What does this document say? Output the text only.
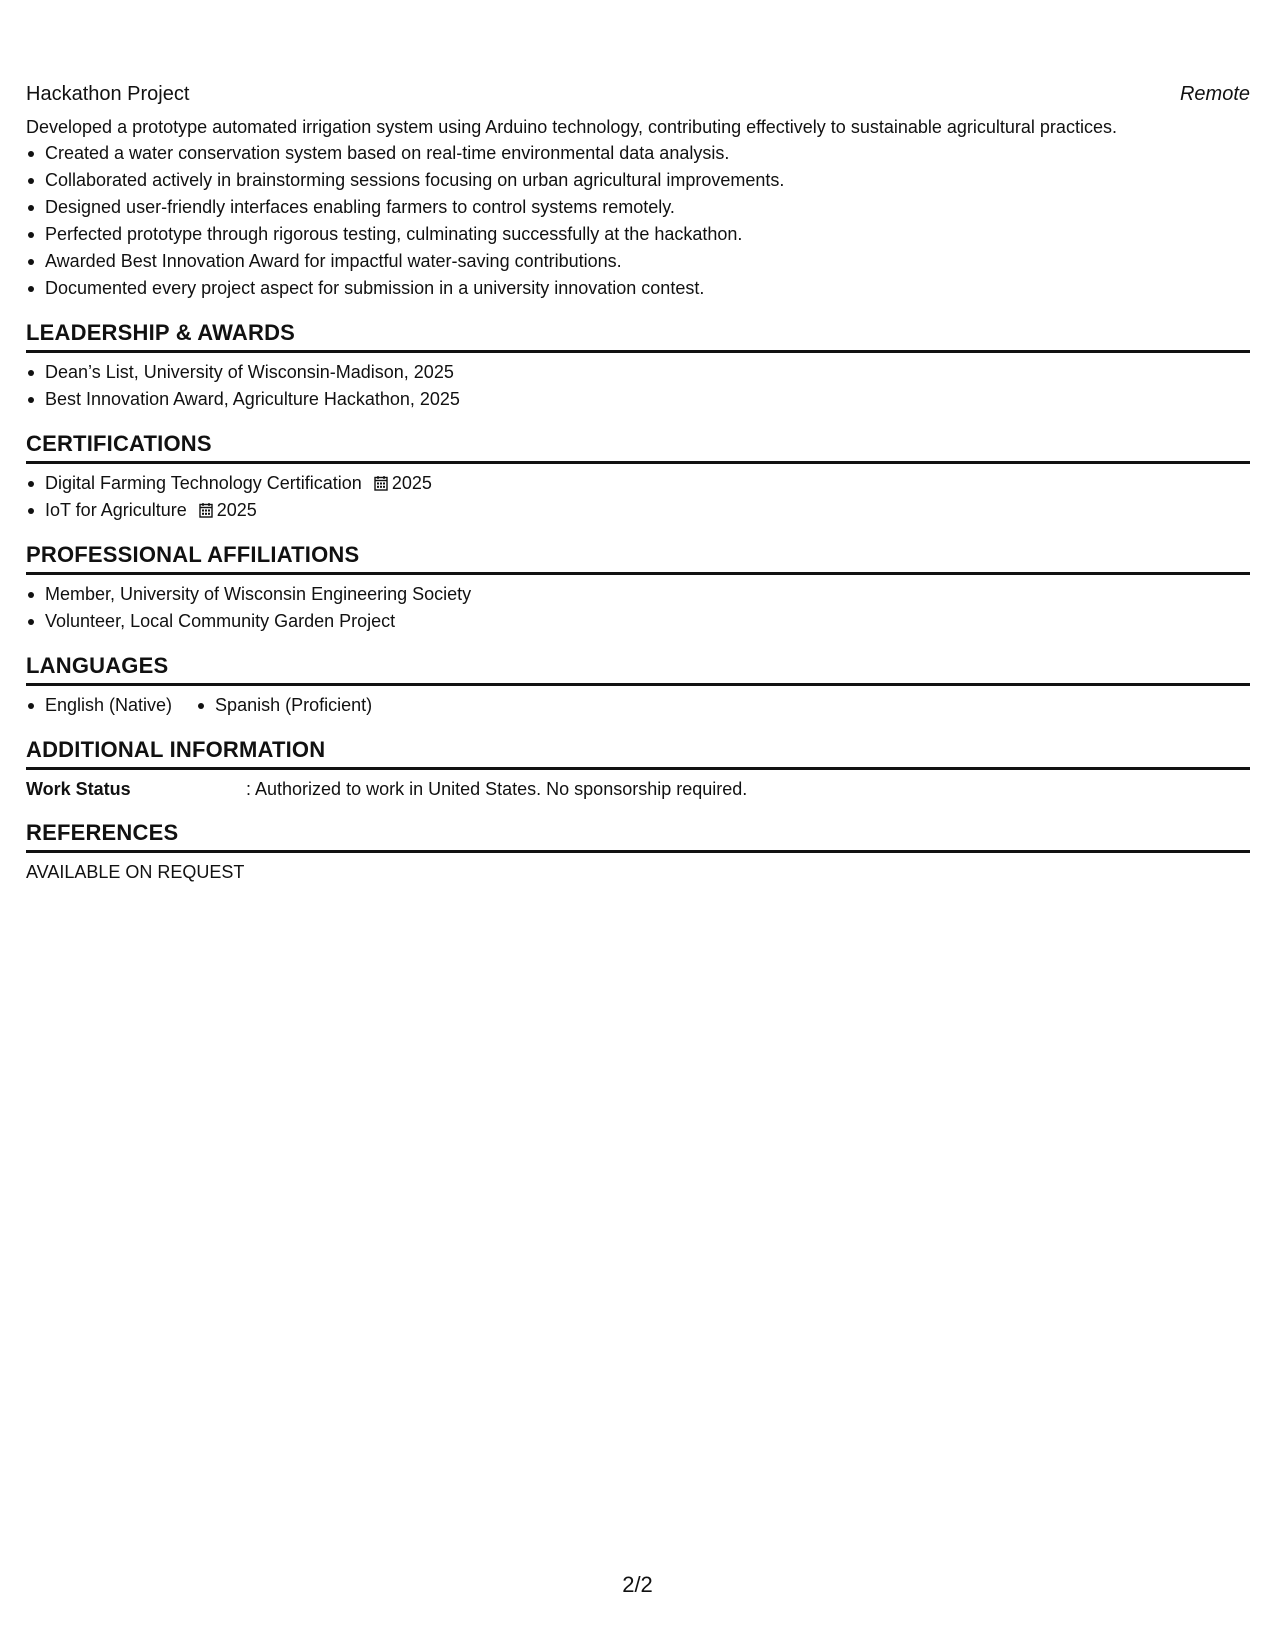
Hackathon Project	Remote
Developed a prototype automated irrigation system using Arduino technology, contributing effectively to sustainable agricultural practices.
Created a water conservation system based on real-time environmental data analysis.
Collaborated actively in brainstorming sessions focusing on urban agricultural improvements.
Designed user-friendly interfaces enabling farmers to control systems remotely.
Perfected prototype through rigorous testing, culminating successfully at the hackathon.
Awarded Best Innovation Award for impactful water-saving contributions.
Documented every project aspect for submission in a university innovation contest.
LEADERSHIP & AWARDS
Dean’s List, University of Wisconsin-Madison, 2025
Best Innovation Award, Agriculture Hackathon, 2025
CERTIFICATIONS
Digital Farming Technology Certification 2025
IoT for Agriculture 2025
PROFESSIONAL AFFILIATIONS
Member, University of Wisconsin Engineering Society
Volunteer, Local Community Garden Project
LANGUAGES
English (Native)	Spanish (Proficient)
ADDITIONAL INFORMATION
Work Status	: Authorized to work in United States. No sponsorship required.
REFERENCES
AVAILABLE ON REQUEST
2/2
